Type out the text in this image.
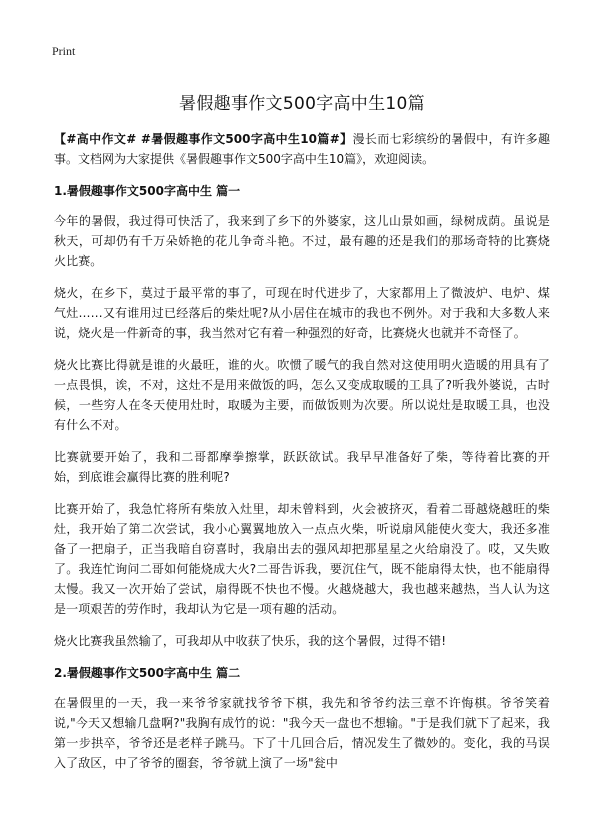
Print
暑假趣事作文500字高中生10篇

【#高中作文# #暑假趣事作文500字高中生10篇#】漫长而七彩缤纷的暑假中，有许多趣事。文档网为大家提供《暑假趣事作文500字高中生10篇》，欢迎阅读。

1.暑假趣事作文500字高中生 篇一

今年的暑假，我过得可快活了，我来到了乡下的外婆家，这儿山景如画，绿树成荫。虽说是秋天，可却仍有千万朵娇艳的花儿争奇斗艳。不过，最有趣的还是我们的那场奇特的比赛烧火比赛。

烧火，在乡下，莫过于最平常的事了，可现在时代进步了，大家都用上了微波炉、电炉、煤气灶……又有谁用过已经落后的柴灶呢?从小居住在城市的我也不例外。对于我和大多数人来说，烧火是一件新奇的事，我当然对它有着一种强烈的好奇，比赛烧火也就并不奇怪了。

烧火比赛比得就是谁的火最旺，谁的火。吹惯了暖气的我自然对这使用明火造暖的用具有了一点畏惧，诶，不对，这灶不是用来做饭的吗，怎么又变成取暖的工具了?听我外婆说，古时候，一些穷人在冬天使用灶时，取暖为主要，而做饭则为次要。所以说灶是取暖工具，也没有什么不对。

比赛就要开始了，我和二哥都摩拳擦掌，跃跃欲试。我早早准备好了柴，等待着比赛的开始，到底谁会赢得比赛的胜利呢?

比赛开始了，我急忙将所有柴放入灶里，却未曾料到，火会被挤灭，看着二哥越烧越旺的柴灶，我开始了第二次尝试，我小心翼翼地放入一点点火柴，听说扇风能使火变大，我还多准备了一把扇子，正当我暗自窃喜时，我扇出去的强风却把那星星之火给扇没了。哎，又失败了。我连忙询问二哥如何能烧成大火?二哥告诉我，要沉住气，既不能扇得太快，也不能扇得太慢。我又一次开始了尝试，扇得既不快也不慢。火越烧越大，我也越来越热，当人认为这是一项艰苦的劳作时，我却认为它是一项有趣的活动。

烧火比赛我虽然输了，可我却从中收获了快乐，我的这个暑假，过得不错!

2.暑假趣事作文500字高中生 篇二

在暑假里的一天，我一来爷爷家就找爷爷下棋，我先和爷爷约法三章不许悔棋。爷爷笑着说,"今天又想输几盘啊?"我胸有成竹的说："我今天一盘也不想输。"于是我们就下了起来，我第一步拱卒，爷爷还是老样子跳马。下了十几回合后，情况发生了微妙的。变化，我的马误入了敌区，中了爷爷的圈套，爷爷就上演了一场"瓮中
